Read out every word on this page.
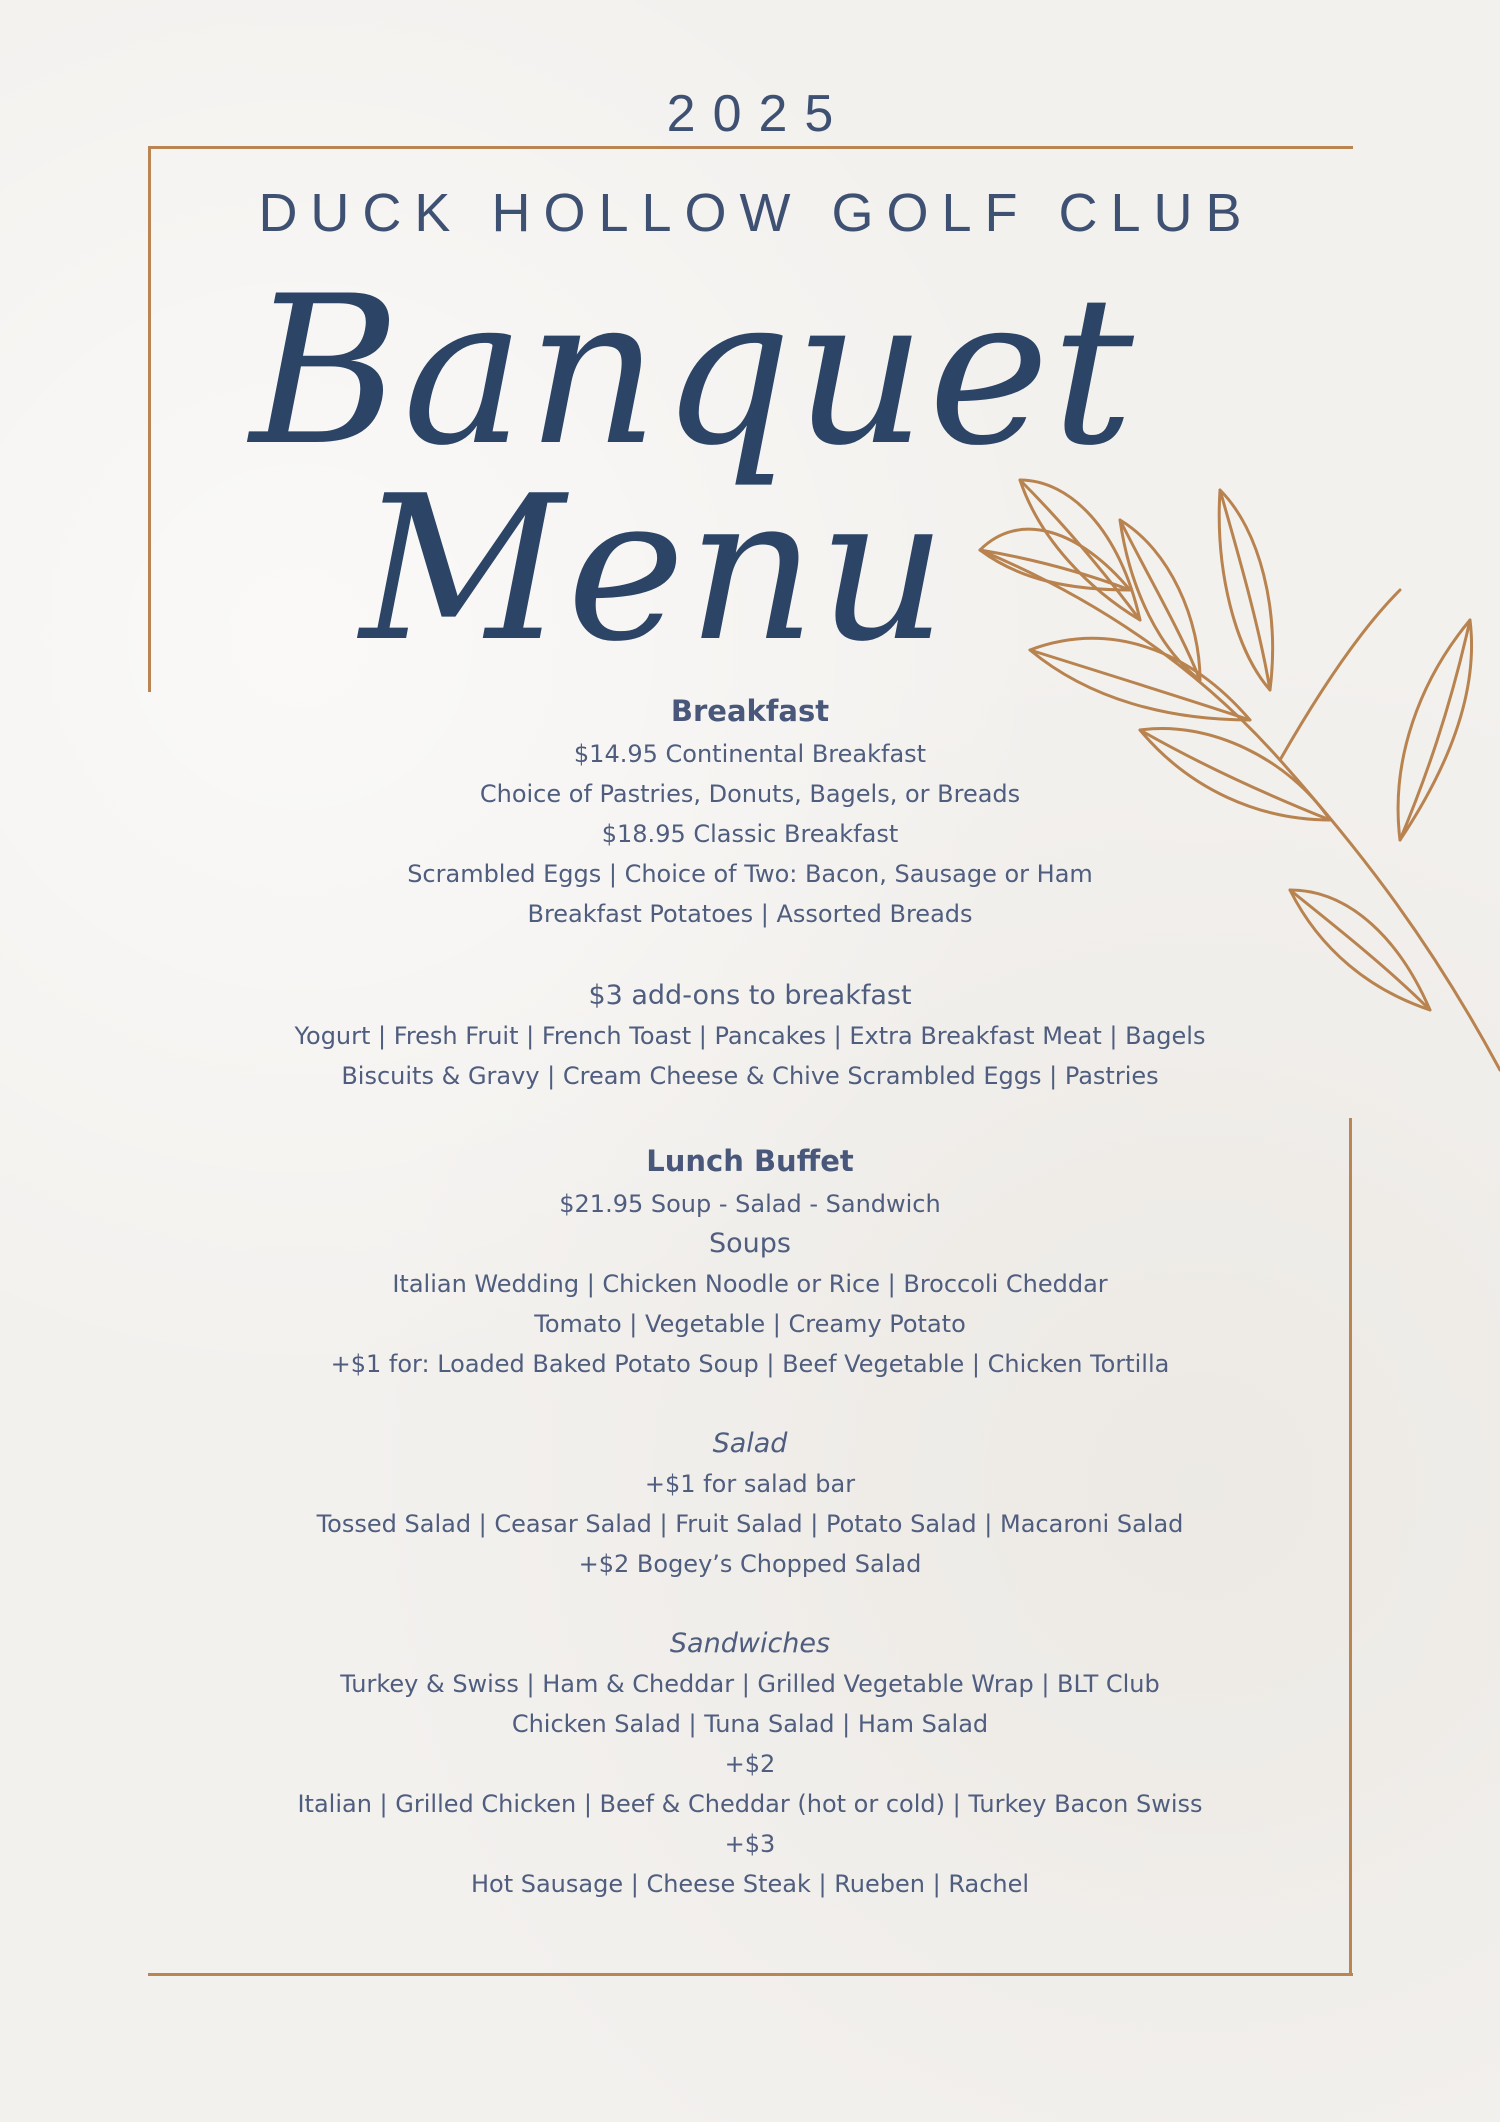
2025
DUCK HOLLOW GOLF CLUB
Banquet
Menu
Breakfast
$14.95 Continental Breakfast
Choice of Pastries, Donuts, Bagels, or Breads
$18.95 Classic Breakfast
Scrambled Eggs | Choice of Two: Bacon, Sausage or Ham
Breakfast Potatoes | Assorted Breads
$3 add-ons to breakfast
Yogurt | Fresh Fruit | French Toast | Pancakes | Extra Breakfast Meat | Bagels
Biscuits & Gravy | Cream Cheese & Chive Scrambled Eggs | Pastries
Lunch Buffet
$21.95 Soup - Salad - Sandwich
Soups
Italian Wedding | Chicken Noodle or Rice | Broccoli Cheddar
Tomato | Vegetable | Creamy Potato
+$1 for: Loaded Baked Potato Soup | Beef Vegetable | Chicken Tortilla
Salad
+$1 for salad bar
Tossed Salad | Ceasar Salad | Fruit Salad | Potato Salad | Macaroni Salad
+$2 Bogey’s Chopped Salad
Sandwiches
Turkey & Swiss | Ham & Cheddar | Grilled Vegetable Wrap | BLT Club
Chicken Salad | Tuna Salad | Ham Salad
+$2
Italian | Grilled Chicken | Beef & Cheddar (hot or cold) | Turkey Bacon Swiss
+$3
Hot Sausage | Cheese Steak | Rueben | Rachel
